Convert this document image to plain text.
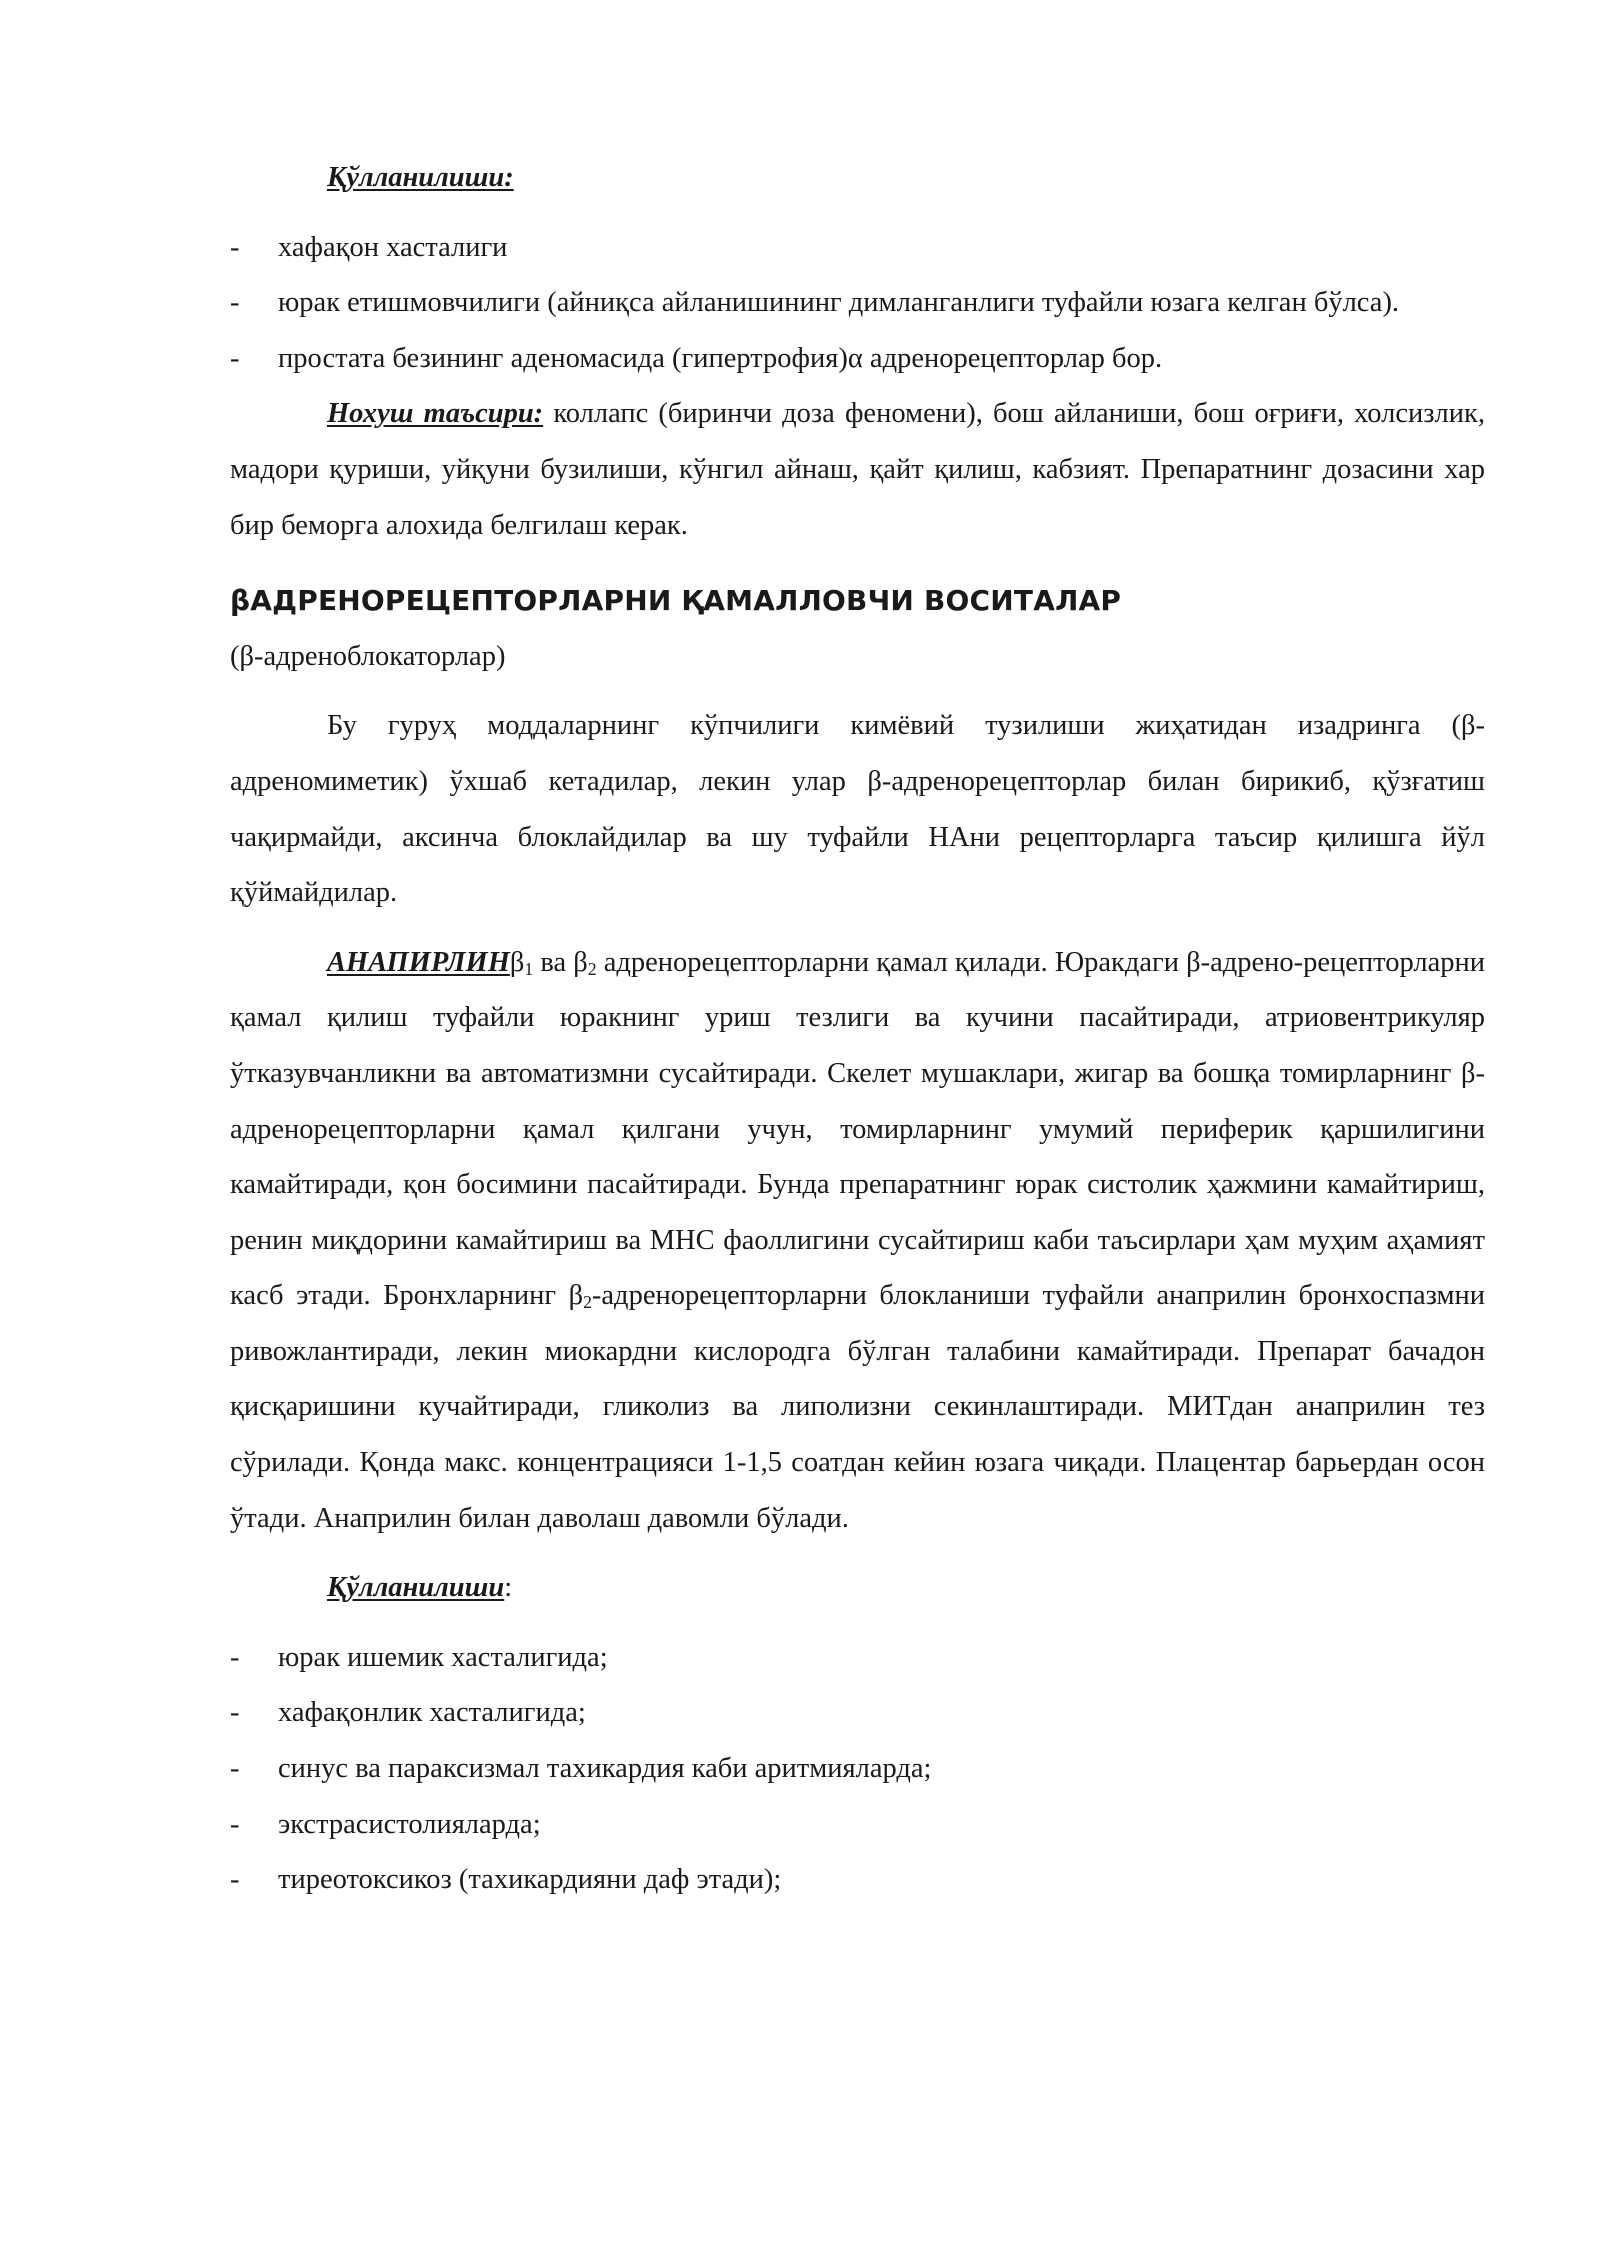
Қўлланилиши:

- хафақон хасталиги
- юрак етишмовчилиги (айниқса айланишининг димланганлиги туфайли юзага келган бўлса).
- простата безининг аденомасида (гипертрофия)α адренорецепторлар бор.

Нохуш таъсири: коллапс (биринчи доза феномени), бош айланиши, бош оғриғи, холсизлик, мадори қуриши, уйқуни бузилиши, кўнгил айнаш, қайт қилиш, кабзият. Препаратнинг дозасини хар бир беморга алохида белгилаш керак.

βАДРЕНОРЕЦЕПТОРЛАРНИ ҚАМАЛЛОВЧИ ВОСИТАЛАР

(β-адреноблокаторлар)

Бу гуруҳ моддаларнинг кўпчилиги кимёвий тузилиши жиҳатидан изадринга (β-адреномиметик) ўхшаб кетадилар, лекин улар β-адренорецепторлар билан бирикиб, қўзғатиш чақирмайди, аксинча блоклайдилар ва шу туфайли НАни рецепторларга таъсир қилишга йўл қўймайдилар.

АНАПИРЛИНβ$_1$ ва $\beta_2$ адренорецепторларни қамал қилади. Юракдаги β-адрено-рецепторларни қамал қилиш туфайли юракнинг уриш тезлиги ва кучини пасайтиради, атриовентрикуляр ўтказувчанликни ва автоматизмни сусайтиради. Скелет мушаклари, жигар ва бошқа томирларнинг β-адренорецепторларни қамал қилгани учун, томирларнинг умумий периферик қаршилигини камайтиради, қон босимини пасайтиради. Бунда препаратнинг юрак систолик ҳажмини камайтириш, ренин миқдорини камайтириш ва МНС фаоллигини сусайтириш каби таъсирлари ҳам муҳим аҳамият касб этади. Бронхларнинг $\beta_2$-адренорецепторларни блокланиши туфайли анаприлин бронхоспазмни ривожлантиради, лекин миокардни кислородга бўлган талабини камайтиради. Препарат бачадон қисқаришини кучайтиради, гликолиз ва липолизни секинлаштиради. МИТдан анаприлин тез сўрилади. Қонда макс. концентрацияси 1-1,5 соатдан кейин юзага чиқади. Плацентар барьердан осон ўтади. Анаприлин билан даволаш давомли бўлади.

Қўлланилиши:

- юрак ишемик хасталигида;
- хафақонлик хасталигида;
- синус ва параксизмал тахикардия каби аритмияларда;
- экстрасистолияларда;
- тиреотоксикоз (тахикардияни даф этади);
